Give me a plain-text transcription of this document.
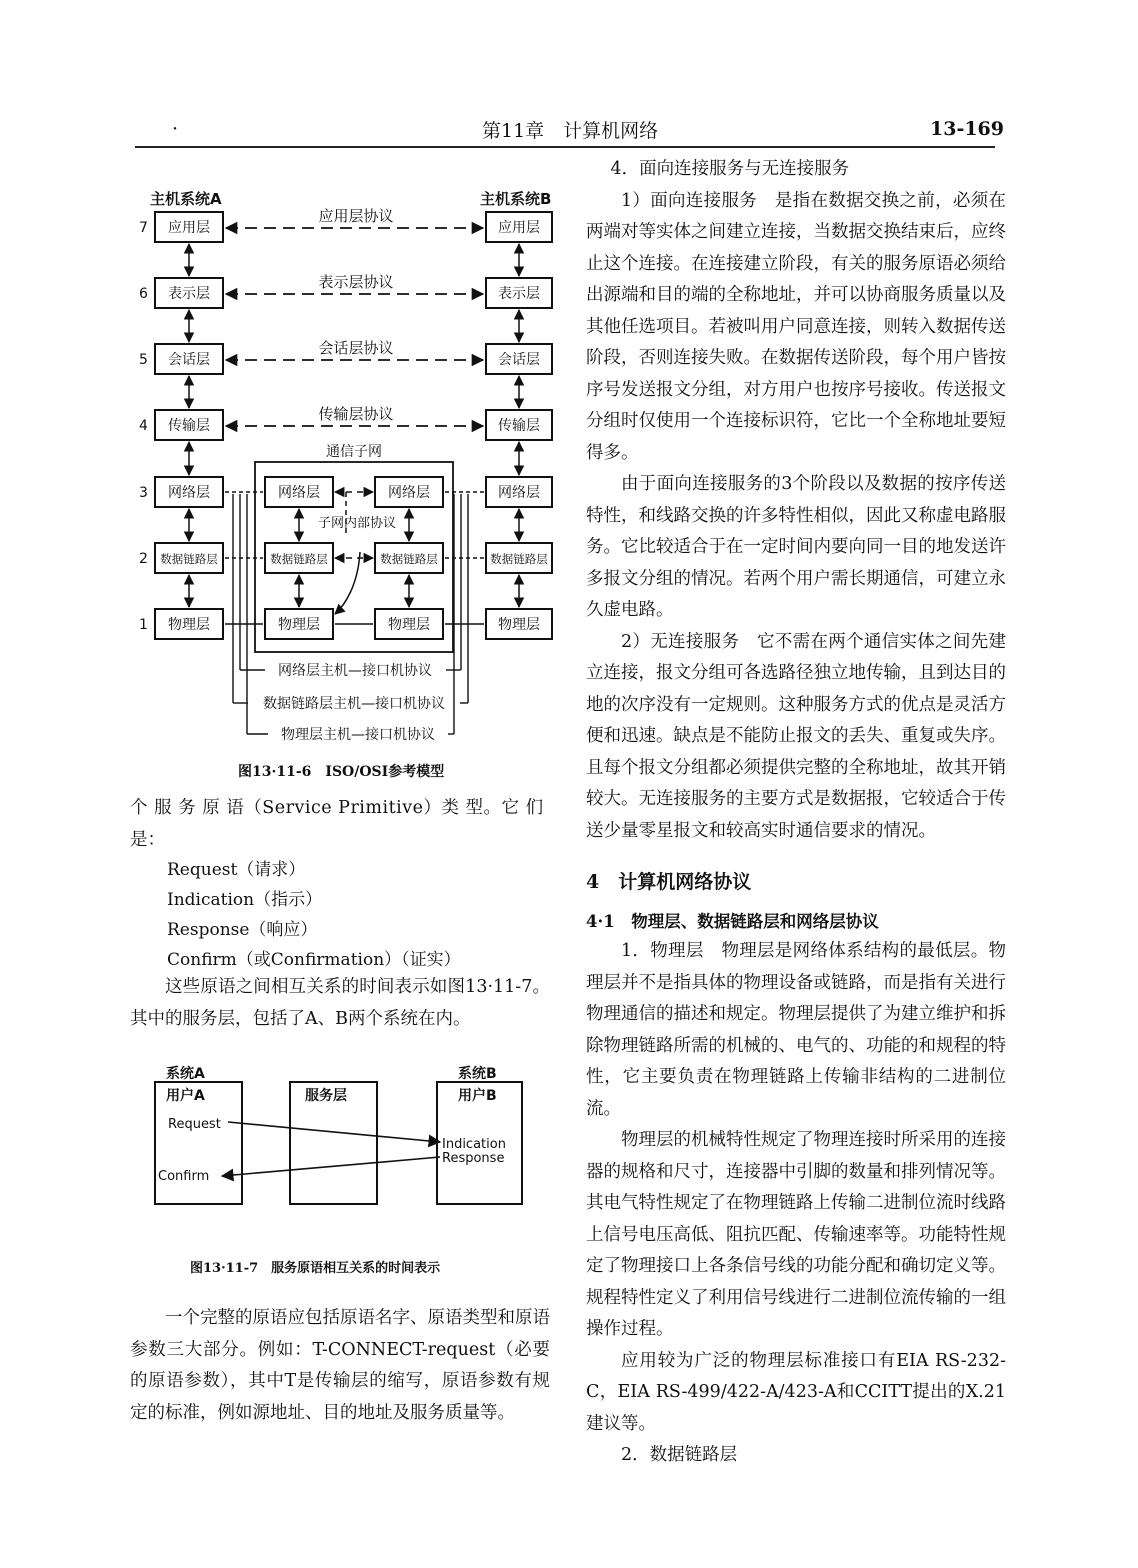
·	第11章　计算机网络	13-169
主机系统A	主机系统B
7
6
5
4
3
2
1
应用层
表示层
会话层
传输层
网络层
数据链路层
物理层
应用层
表示层
会话层
传输层
网络层
数据链路层
物理层
应用层协议
表示层协议
会话层协议
传输层协议
通信子网
网络层	网络层
数据链路层	数据链路层
物理层	物理层
子网内部协议
网络层主机—接口机协议
数据链路层主机—接口机协议
物理层主机—接口机协议
图13·11-6　ISO/OSI参考模型

个 服 务 原 语（Service Primitive）类 型。它 们

是：

Request（请求）
Indication（指示）
Response（响应）
Confirm（或Confirmation）（证实）

这些原语之间相互关系的时间表示如图13·11-7。其中的服务层，包括了A、B两个系统在内。

系统A	系统B
用户A	服务层	用户B
Request
Confirm
Indication
Response
图13·11-7　服务原语相互关系的时间表示

一个完整的原语应包括原语名字、原语类型和原语参数三大部分。例如：T-CONNECT-request（必要的原语参数），其中T是传输层的缩写，原语参数有规定的标准，例如源地址、目的地址及服务质量等。

4．面向连接服务与无连接服务

1）面向连接服务　是指在数据交换之前，必须在两端对等实体之间建立连接，当数据交换结束后，应终止这个连接。在连接建立阶段，有关的服务原语必须给出源端和目的端的全称地址，并可以协商服务质量以及其他任选项目。若被叫用户同意连接，则转入数据传送阶段，否则连接失败。在数据传送阶段，每个用户皆按序号发送报文分组，对方用户也按序号接收。传送报文分组时仅使用一个连接标识符，它比一个全称地址要短得多。

由于面向连接服务的3个阶段以及数据的按序传送特性，和线路交换的许多特性相似，因此又称虚电路服务。它比较适合于在一定时间内要向同一目的地发送许多报文分组的情况。若两个用户需长期通信，可建立永久虚电路。

2）无连接服务　它不需在两个通信实体之间先建立连接，报文分组可各选路径独立地传输，且到达目的地的次序没有一定规则。这种服务方式的优点是灵活方便和迅速。缺点是不能防止报文的丢失、重复或失序。且每个报文分组都必须提供完整的全称地址，故其开销较大。无连接服务的主要方式是数据报，它较适合于传送少量零星报文和较高实时通信要求的情况。

4　计算机网络协议
4·1　物理层、数据链路层和网络层协议

1．物理层　物理层是网络体系结构的最低层。物理层并不是指具体的物理设备或链路，而是指有关进行物理通信的描述和规定。物理层提供了为建立维护和拆除物理链路所需的机械的、电气的、功能的和规程的特性，它主要负责在物理链路上传输非结构的二进制位流。

物理层的机械特性规定了物理连接时所采用的连接器的规格和尺寸，连接器中引脚的数量和排列情况等。其电气特性规定了在物理链路上传输二进制位流时线路上信号电压高低、阻抗匹配、传输速率等。功能特性规定了物理接口上各条信号线的功能分配和确切定义等。规程特性定义了利用信号线进行二进制位流传输的一组操作过程。

应用较为广泛的物理层标准接口有EIA RS-232-C，EIA RS-499/422-A/423-A和CCITT提出的X.21建议等。

2．数据链路层
